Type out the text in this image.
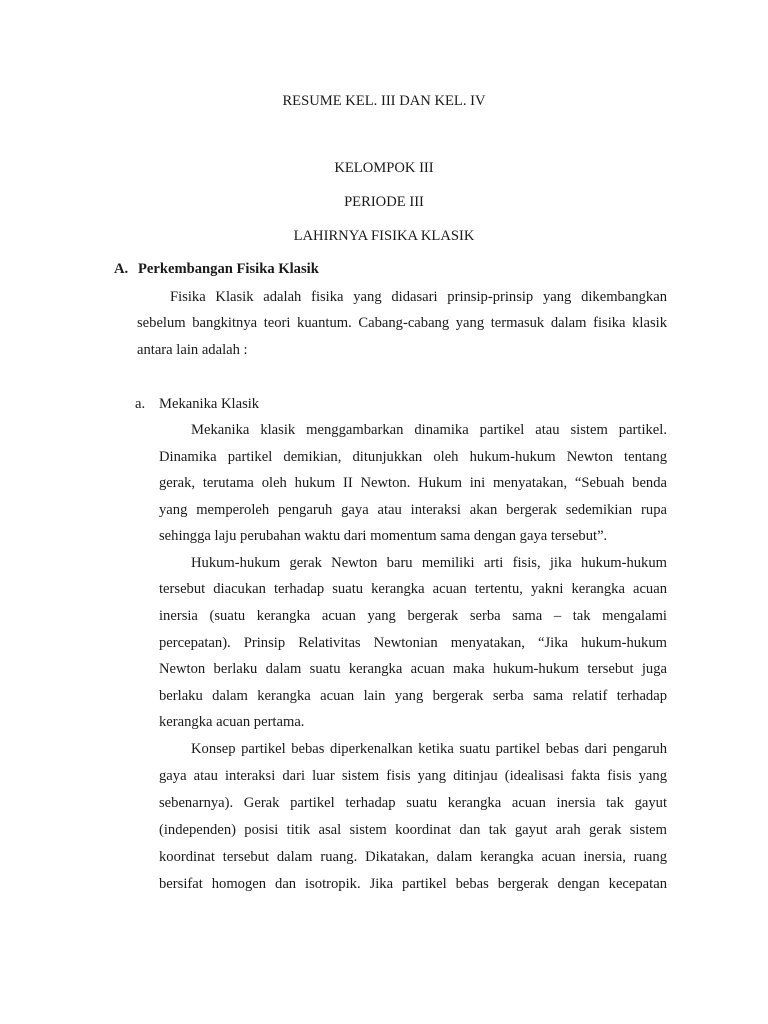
RESUME KEL. III DAN KEL. IV
KELOMPOK III
PERIODE III
LAHIRNYA FISIKA KLASIK
A. Perkembangan Fisika Klasik
Fisika Klasik adalah fisika yang didasari prinsip-prinsip yang dikembangkan
sebelum bangkitnya teori kuantum. Cabang-cabang yang termasuk dalam fisika klasik
antara lain adalah :
a. Mekanika Klasik
Mekanika klasik menggambarkan dinamika partikel atau sistem partikel.
Dinamika partikel demikian, ditunjukkan oleh hukum-hukum Newton tentang
gerak, terutama oleh hukum II Newton. Hukum ini menyatakan, “Sebuah benda
yang memperoleh pengaruh gaya atau interaksi akan bergerak sedemikian rupa
sehingga laju perubahan waktu dari momentum sama dengan gaya tersebut”.
Hukum-hukum gerak Newton baru memiliki arti fisis, jika hukum-hukum
tersebut diacukan terhadap suatu kerangka acuan tertentu, yakni kerangka acuan
inersia (suatu kerangka acuan yang bergerak serba sama – tak mengalami
percepatan). Prinsip Relativitas Newtonian menyatakan, “Jika hukum-hukum
Newton berlaku dalam suatu kerangka acuan maka hukum-hukum tersebut juga
berlaku dalam kerangka acuan lain yang bergerak serba sama relatif terhadap
kerangka acuan pertama.
Konsep partikel bebas diperkenalkan ketika suatu partikel bebas dari pengaruh
gaya atau interaksi dari luar sistem fisis yang ditinjau (idealisasi fakta fisis yang
sebenarnya). Gerak partikel terhadap suatu kerangka acuan inersia tak gayut
(independen) posisi titik asal sistem koordinat dan tak gayut arah gerak sistem
koordinat tersebut dalam ruang. Dikatakan, dalam kerangka acuan inersia, ruang
bersifat homogen dan isotropik. Jika partikel bebas bergerak dengan kecepatan
